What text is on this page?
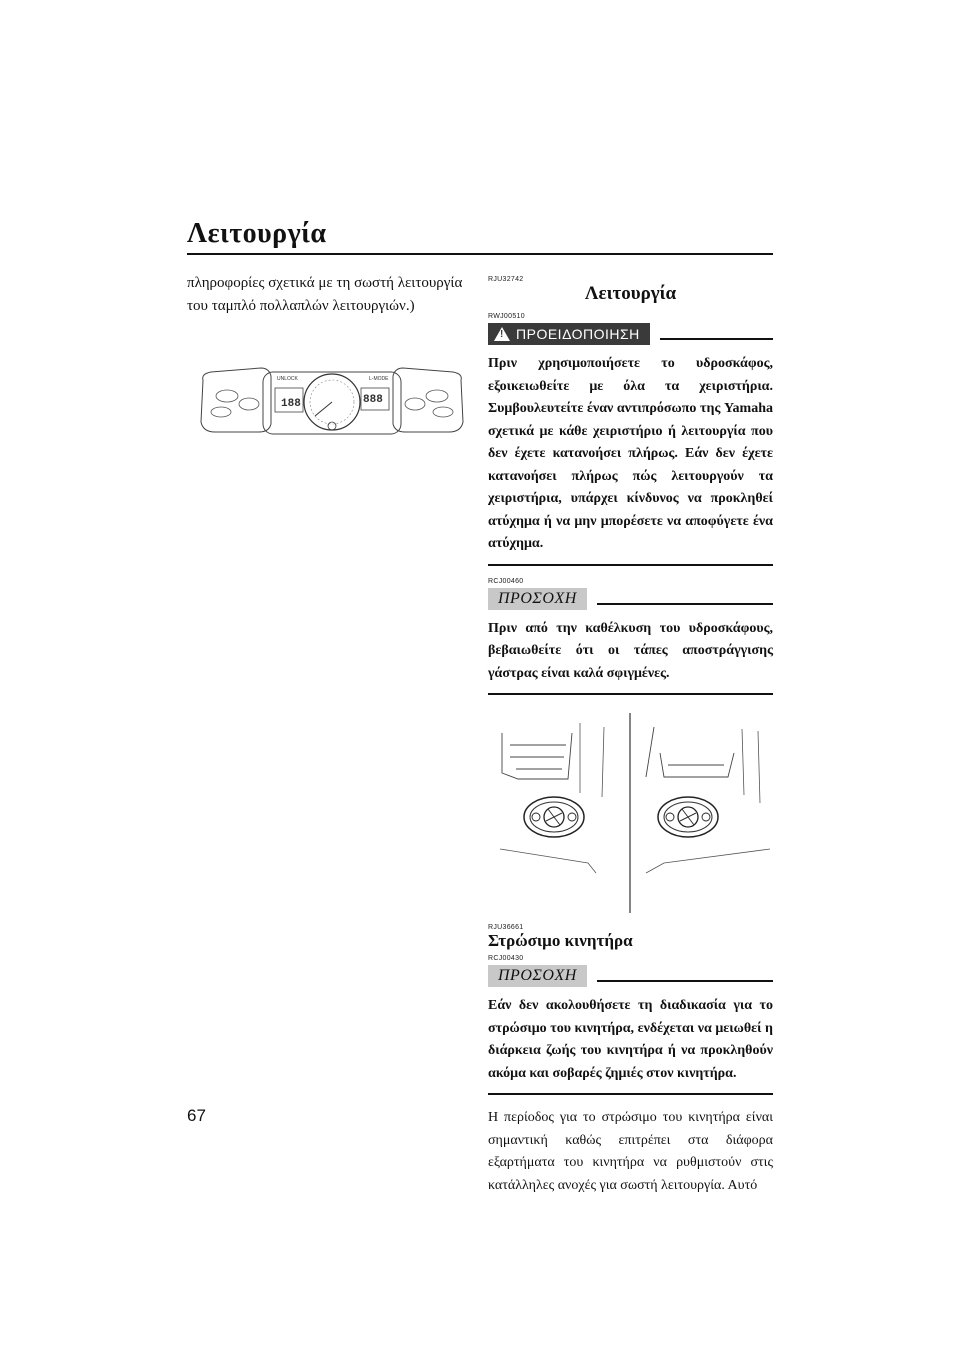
Λειτουργία

πληροφορίες σχετικά με τη σωστή λειτουργία του ταμπλό πολλαπλών λειτουργιών.)

UNLOCK	L-MODE
188	888
67
RJU32742
Λειτουργία
RWJ00510
! ΠΡΟΕΙΔΟΠΟΙΗΣΗ

Πριν χρησιμοποιήσετε το υδροσκάφος, εξοικειωθείτε με όλα τα χειριστήρια. Συμβουλευτείτε έναν αντιπρόσωπο της Yamaha σχετικά με κάθε χειριστήριο ή λειτουργία που δεν έχετε κατανοήσει πλήρως. Εάν δεν έχετε κατανοήσει πλήρως πώς λειτουργούν τα χειριστήρια, υπάρχει κίνδυνος να προκληθεί ατύχημα ή να μην μπορέσετε να αποφύγετε ένα ατύχημα.

RCJ00460
ΠΡΟΣΟΧΗ

Πριν από την καθέλκυση του υδροσκάφους, βεβαιωθείτε ότι οι τάπες αποστράγγισης γάστρας είναι καλά σφιγμένες.

RJU36661
Στρώσιμο κινητήρα
RCJ00430
ΠΡΟΣΟΧΗ

Εάν δεν ακολουθήσετε τη διαδικασία για το στρώσιμο του κινητήρα, ενδέχεται να μειωθεί η διάρκεια ζωής του κινητήρα ή να προκληθούν ακόμα και σοβαρές ζημιές στον κινητήρα.

Η περίοδος για το στρώσιμο του κινητήρα είναι σημαντική καθώς επιτρέπει στα διάφορα εξαρτήματα του κινητήρα να ρυθμιστούν στις κατάλληλες ανοχές για σωστή λειτουργία. Αυτό
